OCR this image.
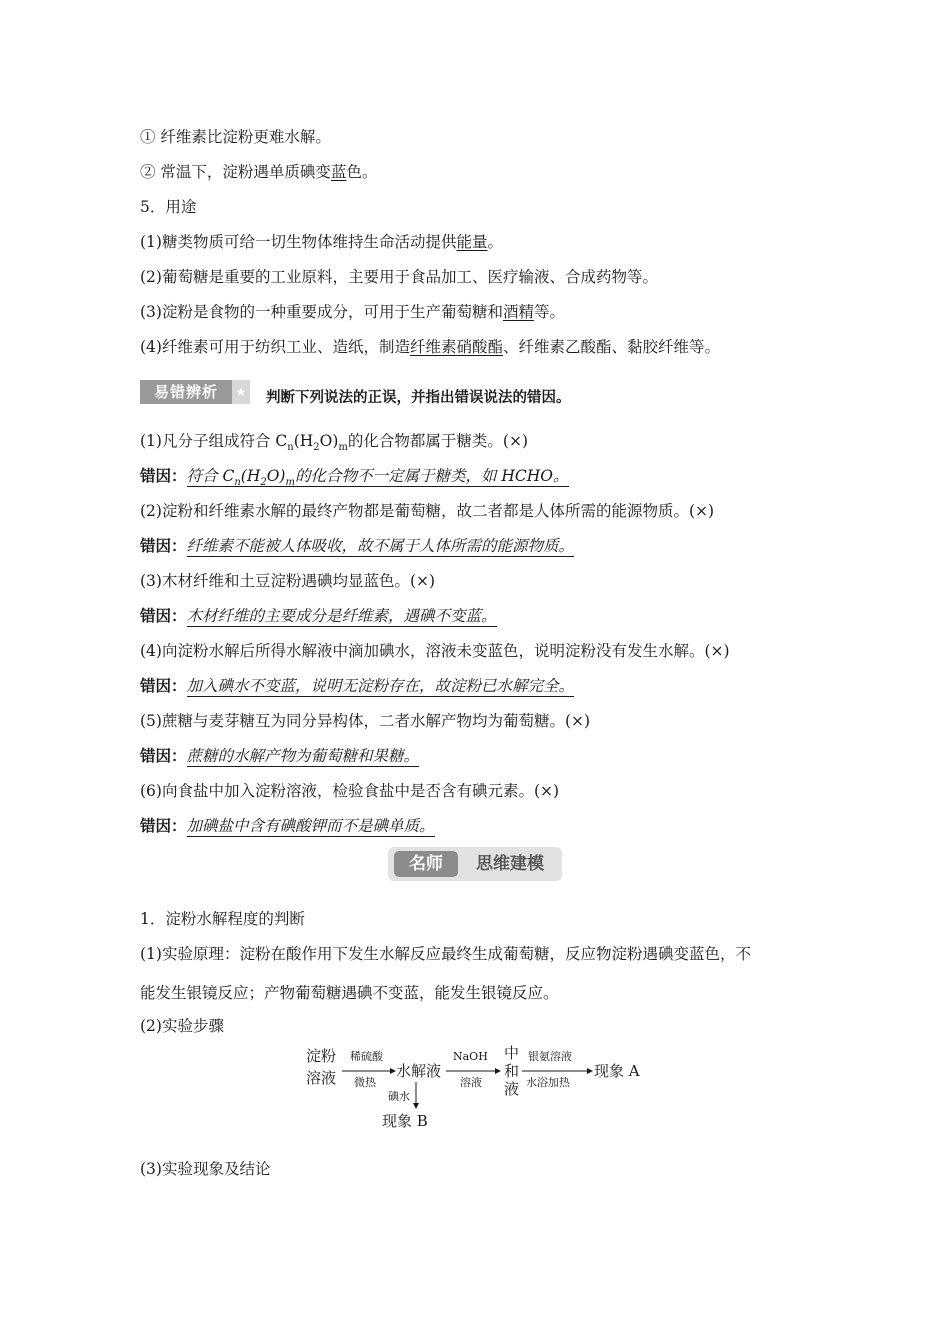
① 纤维素比淀粉更难水解。
② 常温下，淀粉遇单质碘变蓝色。
5．用途
(1)糖类物质可给一切生物体维持生命活动提供能量。
(2)葡萄糖是重要的工业原料，主要用于食品加工、医疗输液、合成药物等。
(3)淀粉是食物的一种重要成分，可用于生产葡萄糖和酒精等。
(4)纤维素可用于纺织工业、造纸，制造纤维素硝酸酯、纤维素乙酸酯、黏胶纤维等。
易错辨析	★ 判断下列说法的正误，并指出错误说法的错因。
(1)凡分子组成符合 $C_n(H_2O)_m$的化合物都属于糖类。(×)
错因：符合 $C_n(H_2O)_m$的化合物不一定属于糖类，如 HCHO。
(2)淀粉和纤维素水解的最终产物都是葡萄糖，故二者都是人体所需的能源物质。(×)
错因：纤维素不能被人体吸收，故不属于人体所需的能源物质。
(3)木材纤维和土豆淀粉遇碘均显蓝色。(×)
错因：木材纤维的主要成分是纤维素，遇碘不变蓝。
(4)向淀粉水解后所得水解液中滴加碘水，溶液未变蓝色，说明淀粉没有发生水解。(×)
错因：加入碘水不变蓝，说明无淀粉存在，故淀粉已水解完全。
(5)蔗糖与麦芽糖互为同分异构体，二者水解产物均为葡萄糖。(×)
错因：蔗糖的水解产物为葡萄糖和果糖。
(6)向食盐中加入淀粉溶液，检验食盐中是否含有碘元素。(×)
错因：加碘盐中含有碘酸钾而不是碘单质。
名师	思维建模
1．淀粉水解程度的判断
(1)实验原理：淀粉在酸作用下发生水解反应最终生成葡萄糖，反应物淀粉遇碘变蓝色，不
能发生银镜反应；产物葡萄糖遇碘不变蓝，能发生银镜反应。
(2)实验步骤
淀粉
溶液
稀硫酸
微热
水解液
NaOH
溶液
中
和
液
银氨溶液
水浴加热
现象 A
碘水
现象 B
(3)实验现象及结论
